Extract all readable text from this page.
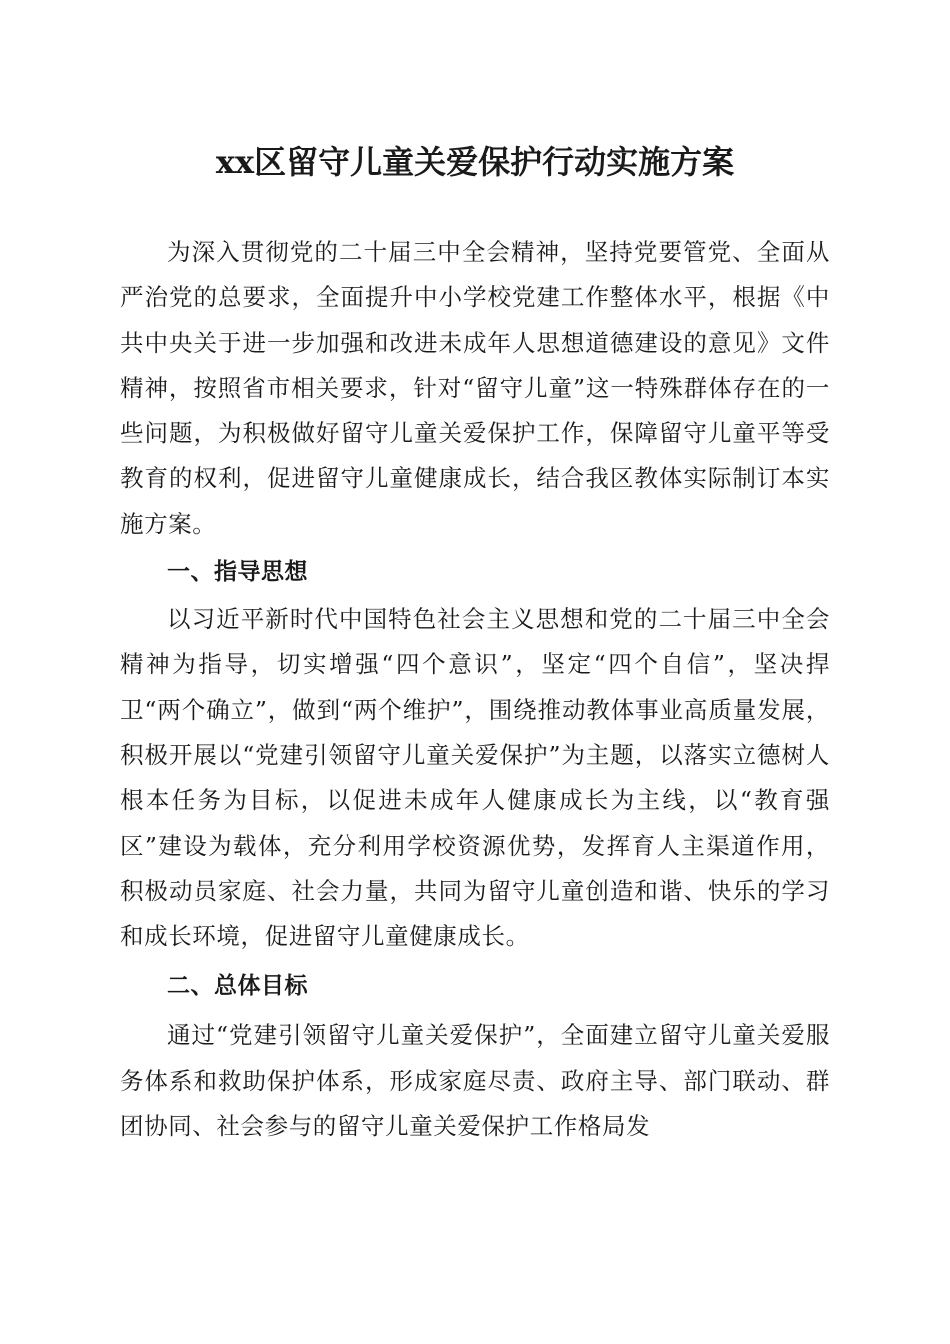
xx区留守儿童关爱保护行动实施方案

为深入贯彻党的二十届三中全会精神，坚持党要管党、全面从严治党的总要求，全面提升中小学校党建工作整体水平，根据《中共中央关于进一步加强和改进未成年人思想道德建设的意见》文件精神，按照省市相关要求，针对“留守儿童”这一特殊群体存在的一些问题，为积极做好留守儿童关爱保护工作，保障留守儿童平等受教育的权利，促进留守儿童健康成长，结合我区教体实际制订本实施方案。

一、指导思想

以习近平新时代中国特色社会主义思想和党的二十届三中全会精神为指导，切实增强“四个意识”，坚定“四个自信”，坚决捍卫“两个确立”，做到“两个维护”，围绕推动教体事业高质量发展，积极开展以“党建引领留守儿童关爱保护”为主题，以落实立德树人根本任务为目标，以促进未成年人健康成长为主线，以“教育强区”建设为载体，充分利用学校资源优势，发挥育人主渠道作用，积极动员家庭、社会力量，共同为留守儿童创造和谐、快乐的学习和成长环境，促进留守儿童健康成长。

二、总体目标

通过“党建引领留守儿童关爱保护”，全面建立留守儿童关爱服务体系和救助保护体系，形成家庭尽责、政府主导、部门联动、群团协同、社会参与的留守儿童关爱保护工作格局发
